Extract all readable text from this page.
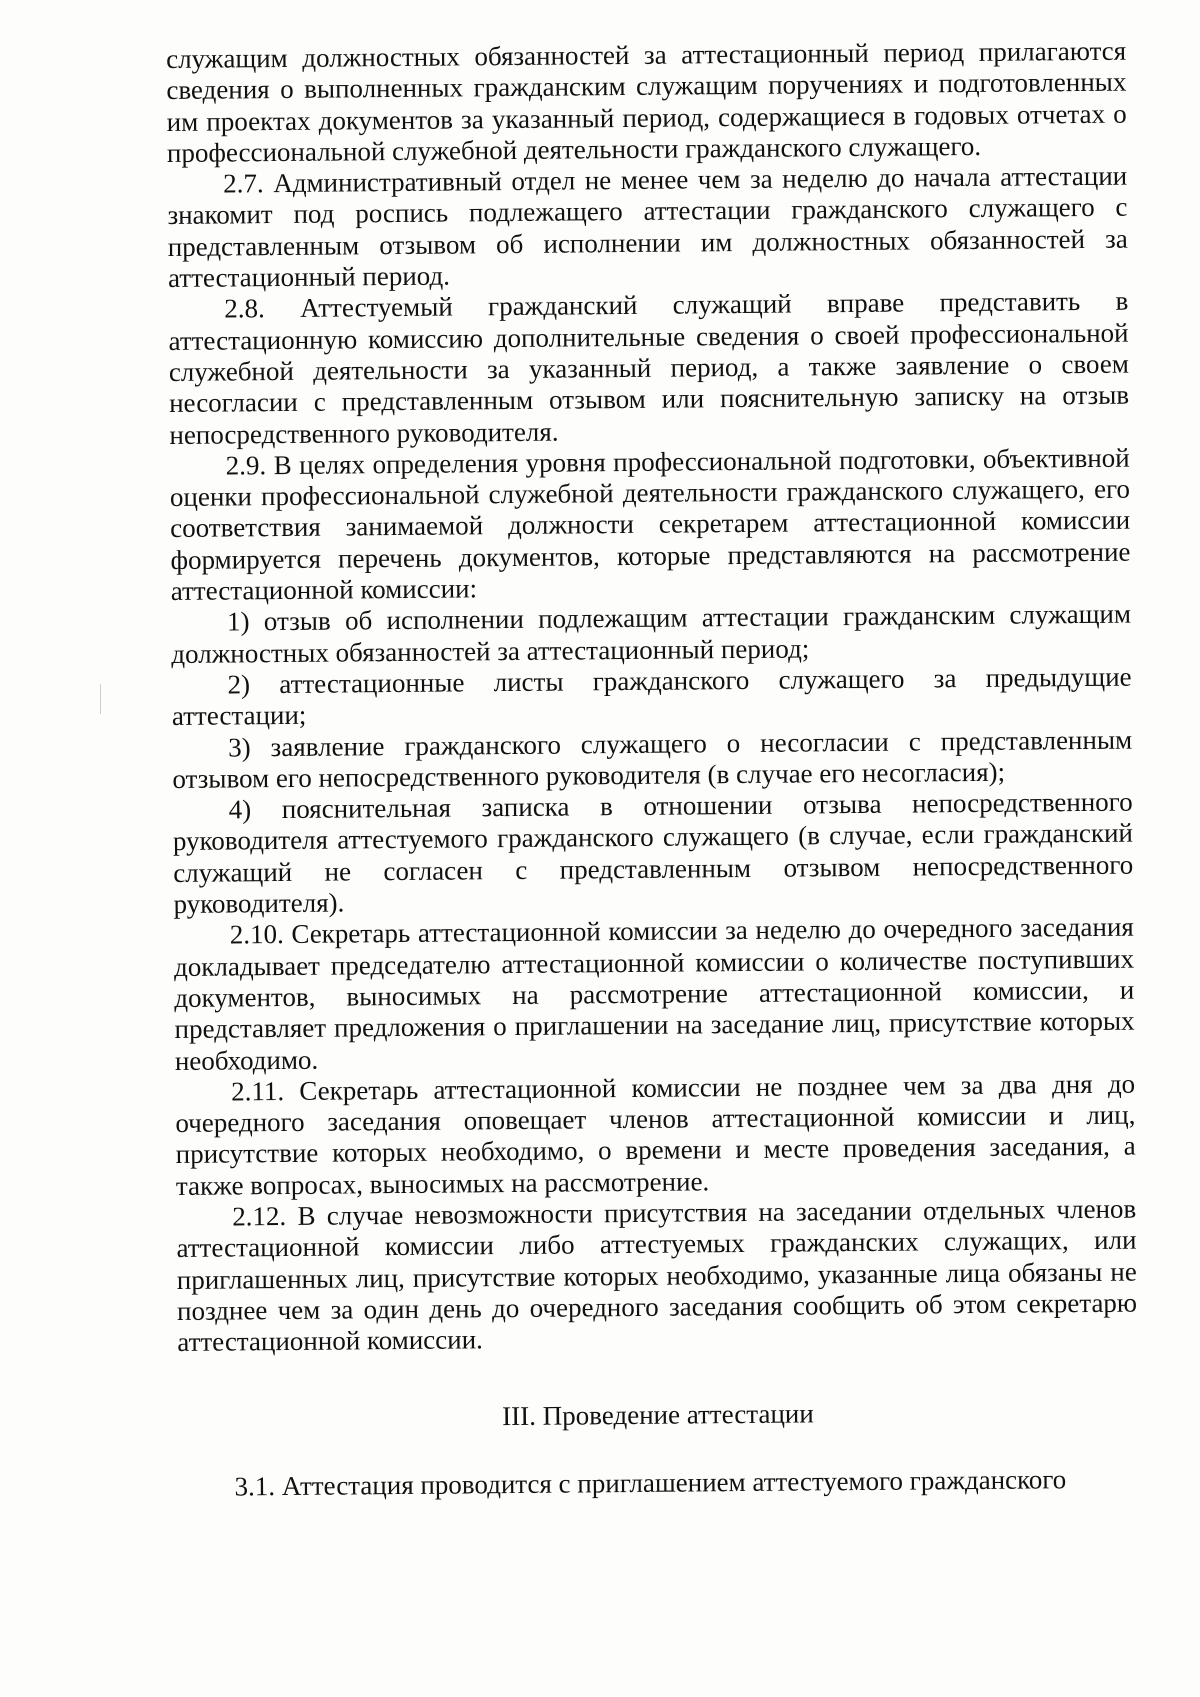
служащим должностных обязанностей за аттестационный период прилагаются сведения о выполненных гражданским служащим поручениях и подготовленных им проектах документов за указанный период, содержащиеся в годовых отчетах о профессиональной служебной деятельности гражданского служащего.

2.7. Административный отдел не менее чем за неделю до начала аттестации знакомит под роспись подлежащего аттестации гражданского служащего с представленным отзывом об исполнении им должностных обязанностей за аттестационный период.

2.8. Аттестуемый гражданский служащий вправе представить в аттестационную комиссию дополнительные сведения о своей профессиональной служебной деятельности за указанный период, а также заявление о своем несогласии с представленным отзывом или пояснительную записку на отзыв непосредственного руководителя.

2.9. В целях определения уровня профессиональной подготовки, объективной оценки профессиональной служебной деятельности гражданского служащего, его соответствия занимаемой должности секретарем аттестационной комиссии формируется перечень документов, которые представляются на рассмотрение аттестационной комиссии:

1) отзыв об исполнении подлежащим аттестации гражданским служащим должностных обязанностей за аттестационный период;

2) аттестационные листы гражданского служащего за предыдущие аттестации;

3) заявление гражданского служащего о несогласии с представленным отзывом его непосредственного руководителя (в случае его несогласия);

4) пояснительная записка в отношении отзыва непосредственного руководителя аттестуемого гражданского служащего (в случае, если гражданский служащий не согласен с представленным отзывом непосредственного руководителя).

2.10. Секретарь аттестационной комиссии за неделю до очередного заседания докладывает председателю аттестационной комиссии о количестве поступивших документов, выносимых на рассмотрение аттестационной комиссии, и представляет предложения о приглашении на заседание лиц, присутствие которых необходимо.

2.11. Секретарь аттестационной комиссии не позднее чем за два дня до очередного заседания оповещает членов аттестационной комиссии и лиц, присутствие которых необходимо, о времени и месте проведения заседания, а также вопросах, выносимых на рассмотрение.

2.12. В случае невозможности присутствия на заседании отдельных членов аттестационной комиссии либо аттестуемых гражданских служащих, или приглашенных лиц, присутствие которых необходимо, указанные лица обязаны не позднее чем за один день до очередного заседания сообщить об этом секретарю аттестационной комиссии.

III. Проведение аттестации

3.1. Аттестация проводится с приглашением аттестуемого гражданского
